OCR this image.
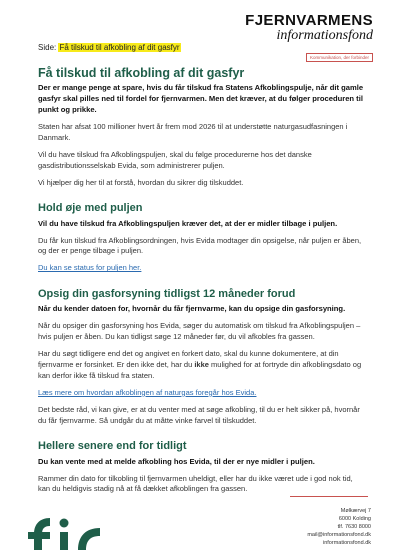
FJERNVARMENS
informationsfond
Side: Få tilskud til afkobling af dit gasfyr
Kommunikation, der forbinder
Få tilskud til afkobling af dit gasfyr
Der er mange penge at spare, hvis du får tilskud fra Statens Afkoblingspulje, når dit gamle gasfyr skal pilles ned til fordel for fjernvarmen. Men det kræver, at du følger proceduren til punkt og prikke.

Staten har afsat 100 millioner hvert år frem mod 2026 til at understøtte naturgasudfasningen i Danmark.

Vil du have tilskud fra Afkoblingspuljen, skal du følge procedurerne hos det danske gasdistributionsselskab Evida, som administrerer puljen.

Vi hjælper dig her til at forstå, hvordan du sikrer dig tilskuddet.

Hold øje med puljen
Vil du have tilskud fra Afkoblingspuljen kræver det, at der er midler tilbage i puljen.

Du får kun tilskud fra Afkoblingsordningen, hvis Evida modtager din opsigelse, når puljen er åben, og der er penge tilbage i puljen.

Du kan se status for puljen her.

Opsig din gasforsyning tidligst 12 måneder forud
Når du kender datoen for, hvornår du får fjernvarme, kan du opsige din gasforsyning.

Når du opsiger din gasforsyning hos Evida, søger du automatisk om tilskud fra Afkoblingspuljen – hvis puljen er åben. Du kan tidligst søge 12 måneder før, du vil afkobles fra gassen.

Har du søgt tidligere end det og angivet en forkert dato, skal du kunne dokumentere, at din fjernvarme er forsinket. Er den ikke det, har du ikke mulighed for at fortryde din afkoblingsdato og kan derfor ikke få tilskud fra staten.

Læs mere om hvordan afkoblingen af naturgas foregår hos Evida.

Det bedste råd, vi kan give, er at du venter med at søge afkobling, til du er helt sikker på, hvornår du får fjernvarme. Så undgår du at måtte vinke farvel til tilskuddet.

Hellere senere end for tidligt
Du kan vente med at melde afkobling hos Evida, til der er nye midler i puljen.

Rammer din dato for tilkobling til fjernvarmen uheldigt, eller har du ikke været ude i god nok tid, kan du heldigvis stadig nå at få dækket afkoblingen fra gassen.

Mølkærvej 7
6000 Kolding
tlf. 7630 8000
mail@informationsfond.dk
informationsfond.dk
